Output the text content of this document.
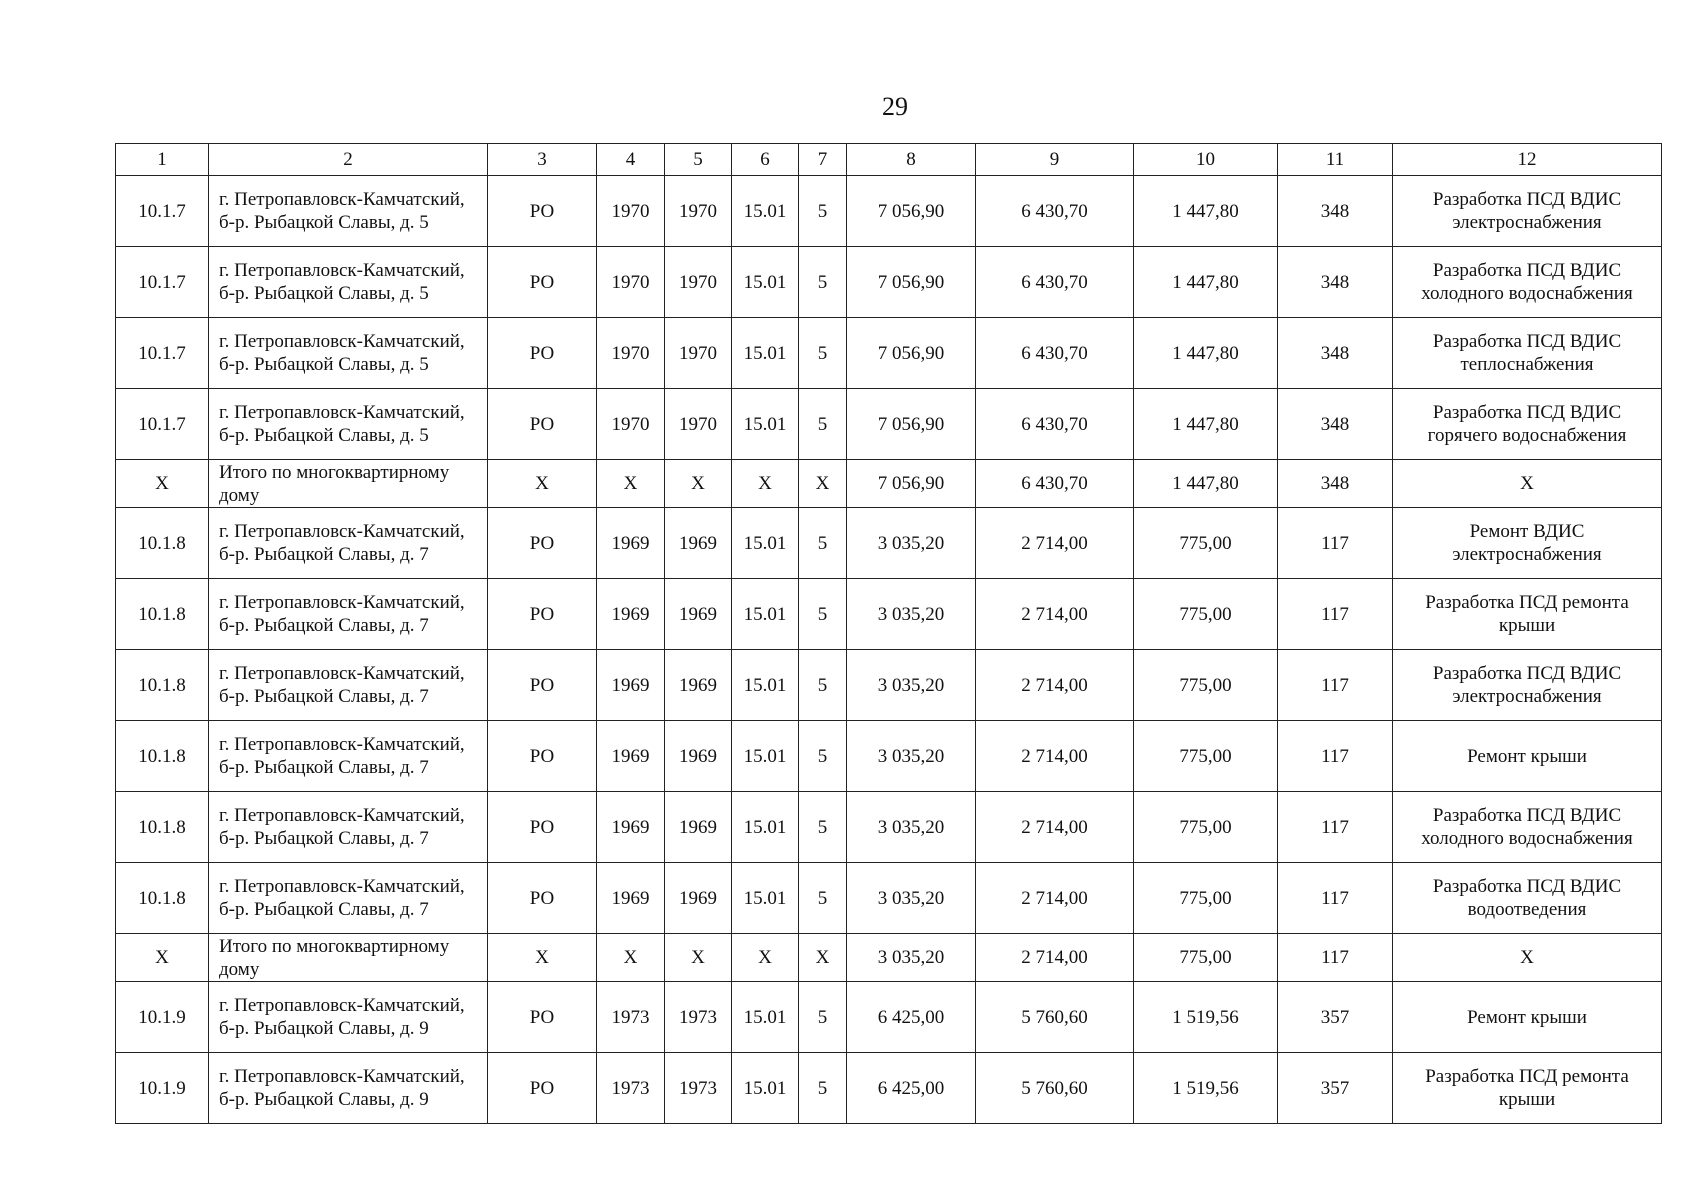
29
1	2	3	4	5	6	7	8	9	10	11	12
10.1.7	г. Петропавловск-Камчатский, б-р. Рыбацкой Славы, д. 5	РО	1970	1970	15.01	5	7 056,90	6 430,70	1 447,80	348	Разработка ПСД ВДИС электроснабжения
10.1.7	г. Петропавловск-Камчатский, б-р. Рыбацкой Славы, д. 5	РО	1970	1970	15.01	5	7 056,90	6 430,70	1 447,80	348	Разработка ПСД ВДИС холодного водоснабжения
10.1.7	г. Петропавловск-Камчатский, б-р. Рыбацкой Славы, д. 5	РО	1970	1970	15.01	5	7 056,90	6 430,70	1 447,80	348	Разработка ПСД ВДИС теплоснабжения
10.1.7	г. Петропавловск-Камчатский, б-р. Рыбацкой Славы, д. 5	РО	1970	1970	15.01	5	7 056,90	6 430,70	1 447,80	348	Разработка ПСД ВДИС горячего водоснабжения
Х	Итого по многоквартирному дому	Х	Х	Х	Х	Х	7 056,90	6 430,70	1 447,80	348	Х
10.1.8	г. Петропавловск-Камчатский, б-р. Рыбацкой Славы, д. 7	РО	1969	1969	15.01	5	3 035,20	2 714,00	775,00	117	Ремонт ВДИС электроснабжения
10.1.8	г. Петропавловск-Камчатский, б-р. Рыбацкой Славы, д. 7	РО	1969	1969	15.01	5	3 035,20	2 714,00	775,00	117	Разработка ПСД ремонта крыши
10.1.8	г. Петропавловск-Камчатский, б-р. Рыбацкой Славы, д. 7	РО	1969	1969	15.01	5	3 035,20	2 714,00	775,00	117	Разработка ПСД ВДИС электроснабжения
10.1.8	г. Петропавловск-Камчатский, б-р. Рыбацкой Славы, д. 7	РО	1969	1969	15.01	5	3 035,20	2 714,00	775,00	117	Ремонт крыши
10.1.8	г. Петропавловск-Камчатский, б-р. Рыбацкой Славы, д. 7	РО	1969	1969	15.01	5	3 035,20	2 714,00	775,00	117	Разработка ПСД ВДИС холодного водоснабжения
10.1.8	г. Петропавловск-Камчатский, б-р. Рыбацкой Славы, д. 7	РО	1969	1969	15.01	5	3 035,20	2 714,00	775,00	117	Разработка ПСД ВДИС водоотведения
Х	Итого по многоквартирному дому	Х	Х	Х	Х	Х	3 035,20	2 714,00	775,00	117	Х
10.1.9	г. Петропавловск-Камчатский, б-р. Рыбацкой Славы, д. 9	РО	1973	1973	15.01	5	6 425,00	5 760,60	1 519,56	357	Ремонт крыши
10.1.9	г. Петропавловск-Камчатский, б-р. Рыбацкой Славы, д. 9	РО	1973	1973	15.01	5	6 425,00	5 760,60	1 519,56	357	Разработка ПСД ремонта крыши
